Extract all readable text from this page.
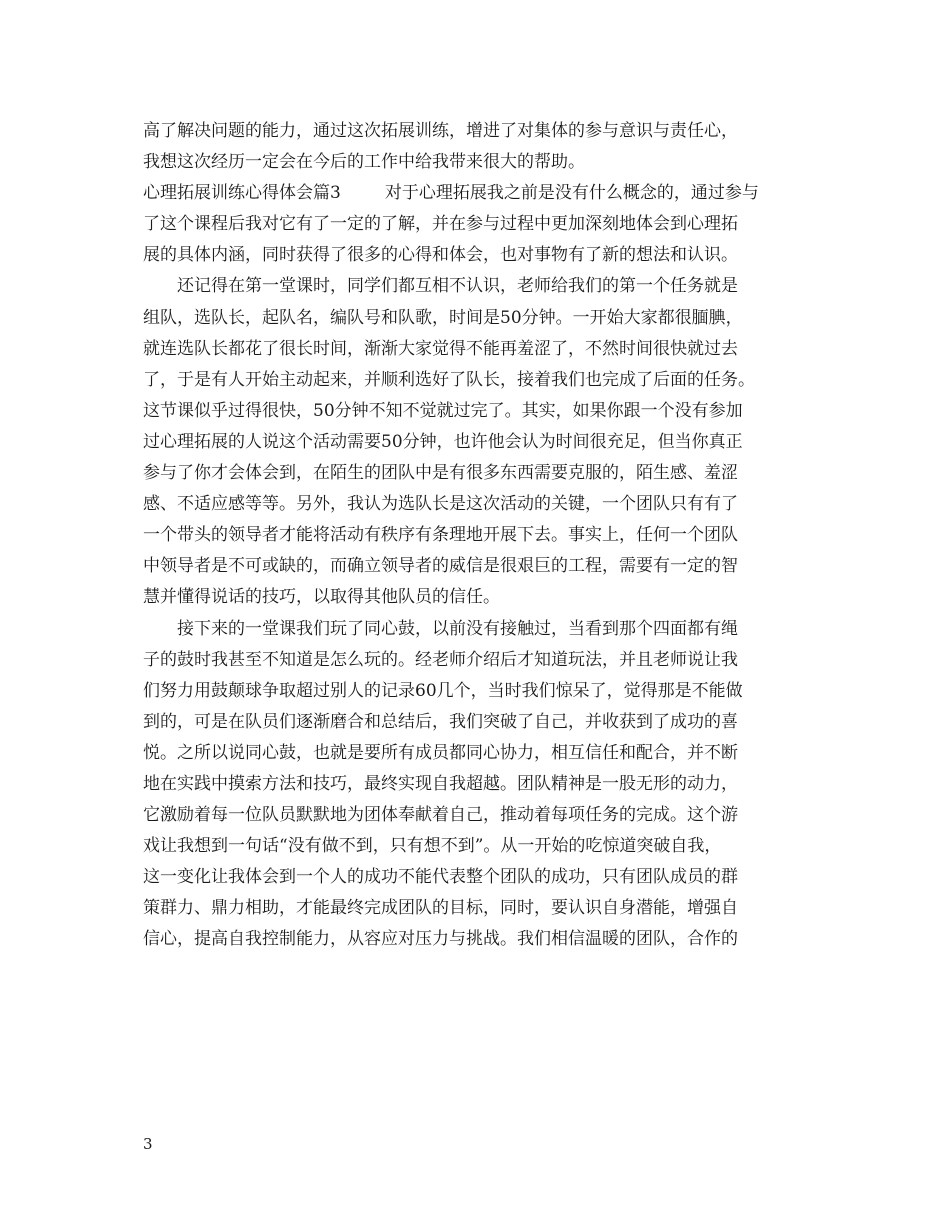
高了解决问题的能力，通过这次拓展训练，增进了对集体的参与意识与责任心，
我想这次经历一定会在今后的工作中给我带来很大的帮助。
心理拓展训练心得体会篇3	对于心理拓展我之前是没有什么概念的，通过参与
了这个课程后我对它有了一定的了解，并在参与过程中更加深刻地体会到心理拓
展的具体内涵，同时获得了很多的心得和体会，也对事物有了新的想法和认识。
还记得在第一堂课时，同学们都互相不认识，老师给我们的第一个任务就是
组队，选队长，起队名，编队号和队歌，时间是50分钟。一开始大家都很腼腆，
就连选队长都花了很长时间，渐渐大家觉得不能再羞涩了，不然时间很快就过去
了，于是有人开始主动起来，并顺利选好了队长，接着我们也完成了后面的任务。
这节课似乎过得很快，50分钟不知不觉就过完了。其实，如果你跟一个没有参加
过心理拓展的人说这个活动需要50分钟，也许他会认为时间很充足，但当你真正
参与了你才会体会到，在陌生的团队中是有很多东西需要克服的，陌生感、羞涩
感、不适应感等等。另外，我认为选队长是这次活动的关键，一个团队只有有了
一个带头的领导者才能将活动有秩序有条理地开展下去。事实上，任何一个团队
中领导者是不可或缺的，而确立领导者的威信是很艰巨的工程，需要有一定的智
慧并懂得说话的技巧，以取得其他队员的信任。
接下来的一堂课我们玩了同心鼓，以前没有接触过，当看到那个四面都有绳
子的鼓时我甚至不知道是怎么玩的。经老师介绍后才知道玩法，并且老师说让我
们努力用鼓颠球争取超过别人的记录60几个，当时我们惊呆了，觉得那是不能做
到的，可是在队员们逐渐磨合和总结后，我们突破了自己，并收获到了成功的喜
悦。之所以说同心鼓，也就是要所有成员都同心协力，相互信任和配合，并不断
地在实践中摸索方法和技巧，最终实现自我超越。团队精神是一股无形的动力，
它激励着每一位队员默默地为团体奉献着自己，推动着每项任务的完成。这个游
戏让我想到一句话“没有做不到，只有想不到”。从一开始的吃惊道突破自我，
这一变化让我体会到一个人的成功不能代表整个团队的成功，只有团队成员的群
策群力、鼎力相助，才能最终完成团队的目标，同时，要认识自身潜能，增强自
信心，提高自我控制能力，从容应对压力与挑战。我们相信温暖的团队，合作的
3
